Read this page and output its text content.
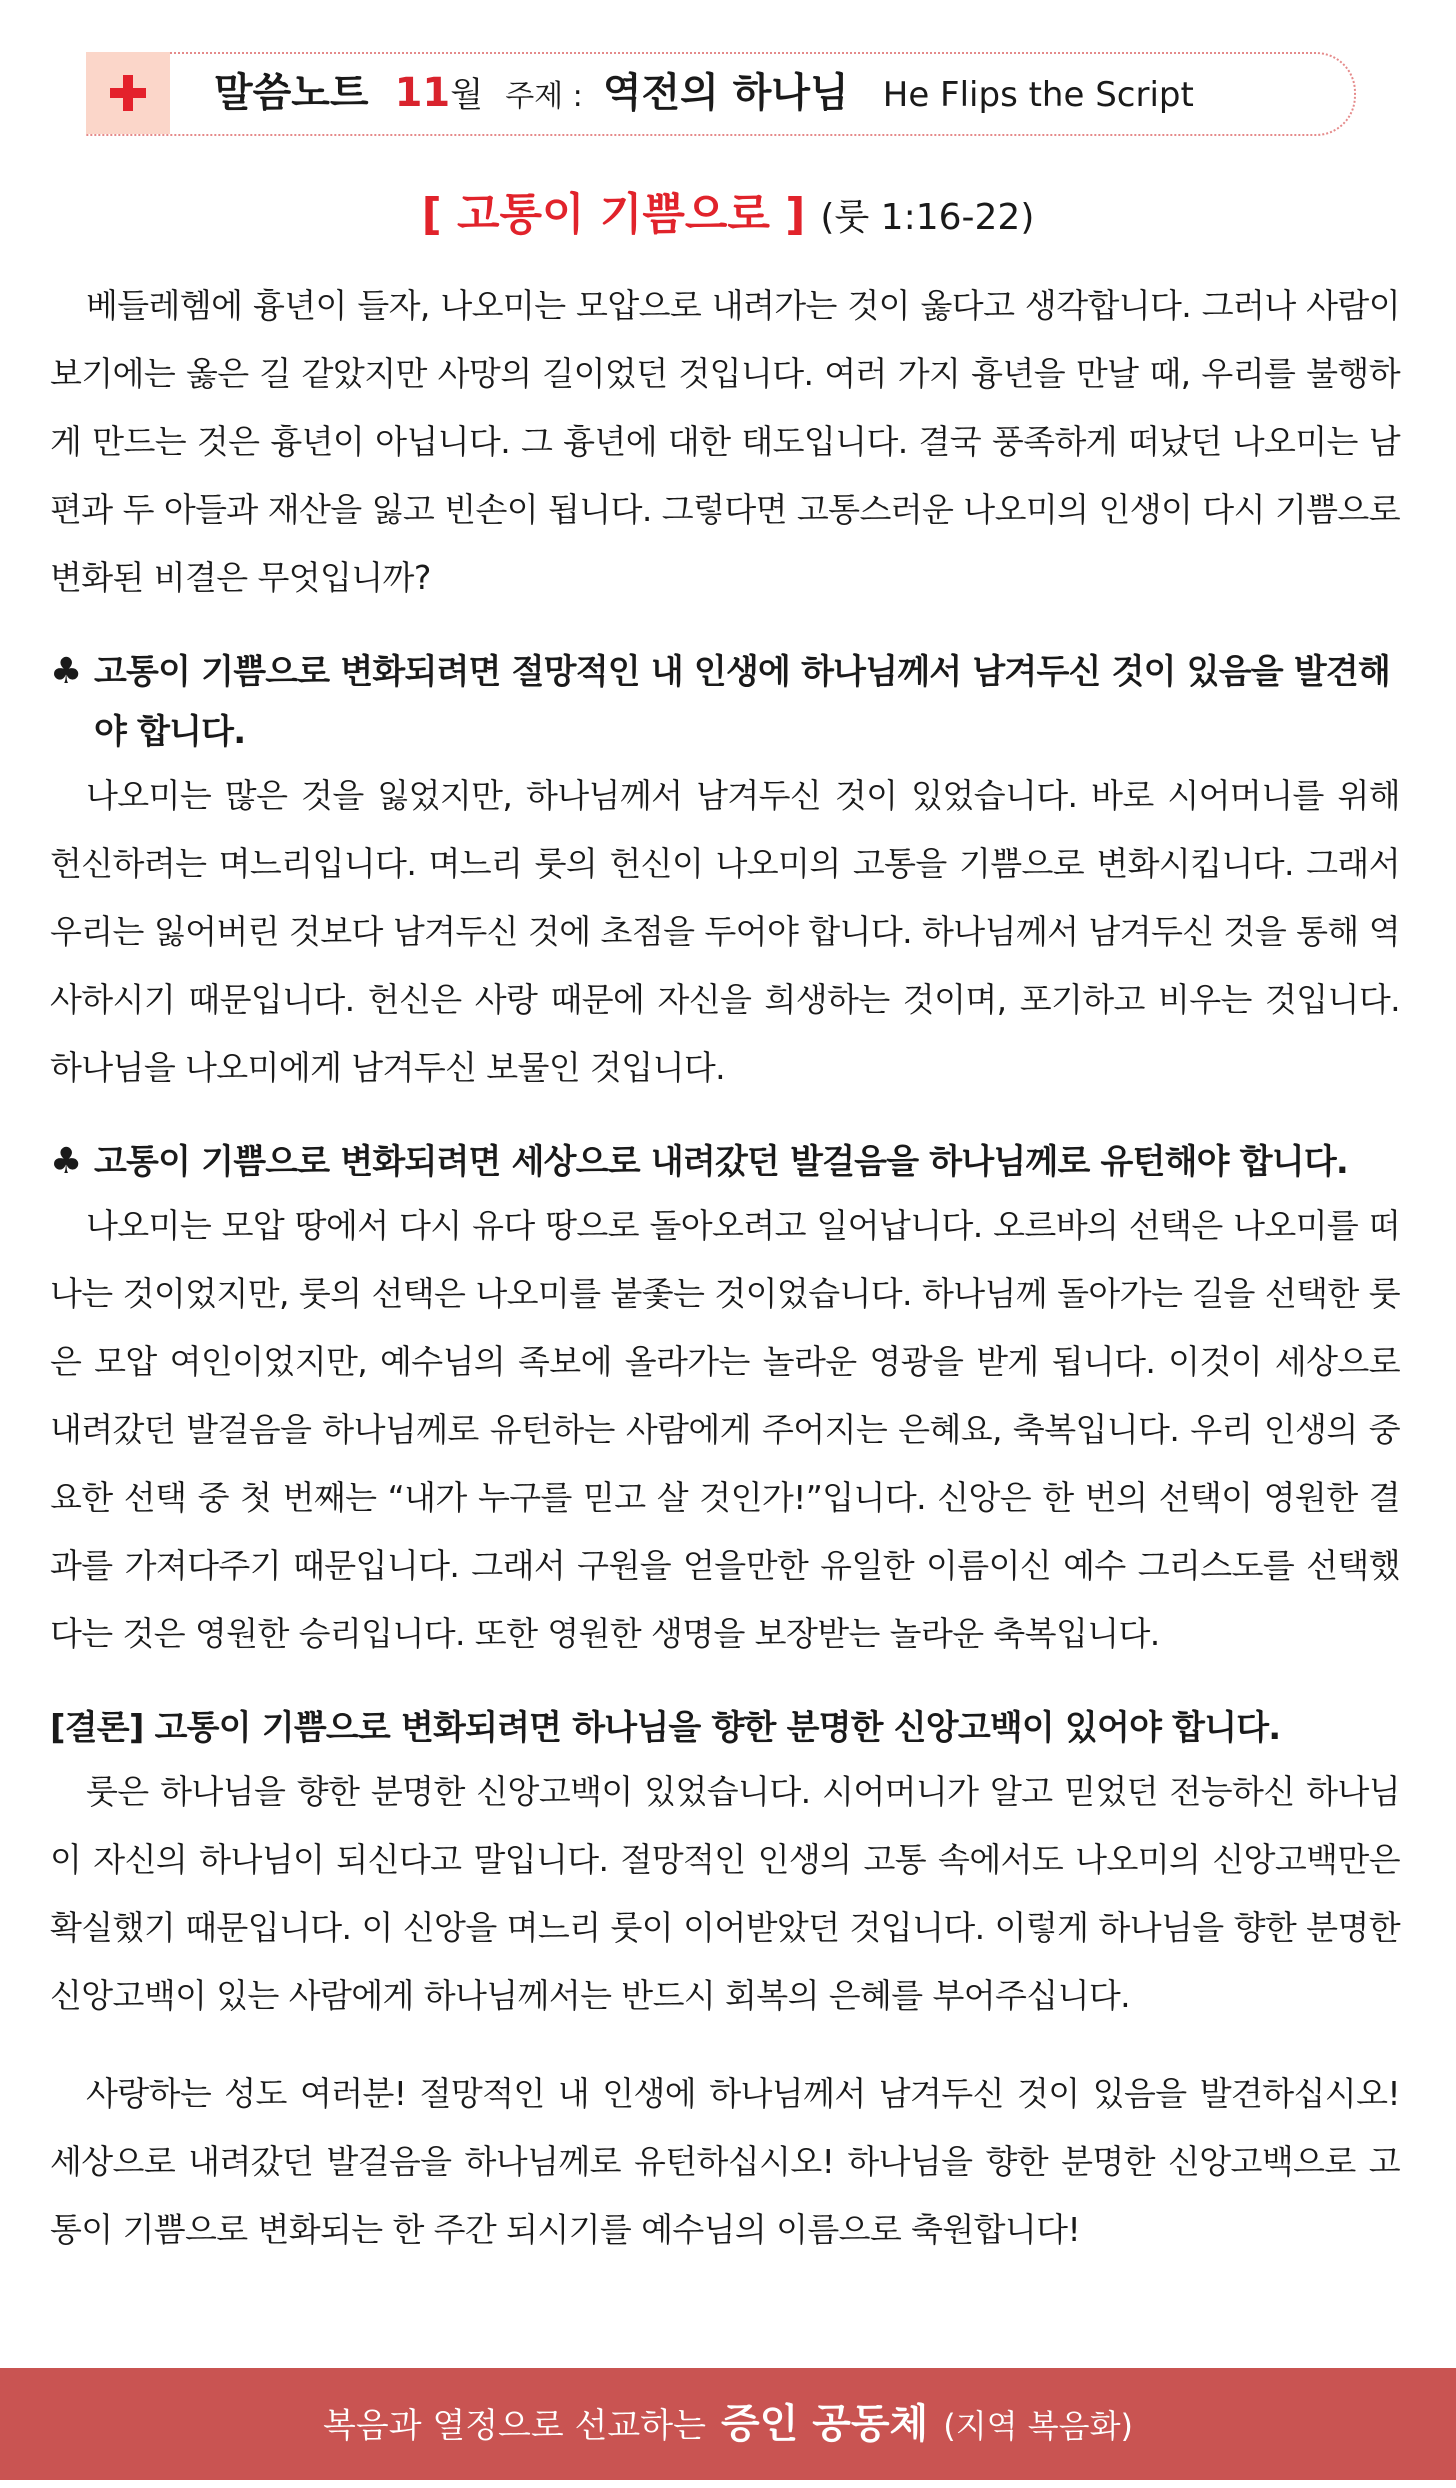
말씀노트 11월 주제 : 역전의 하나님 He Flips the Script
[ 고통이 기쁨으로 ] (룻 1:16-22)

베들레헴에 흉년이 들자, 나오미는 모압으로 내려가는 것이 옳다고 생각합니다. 그러나 사람이 보기에는 옳은 길 같았지만 사망의 길이었던 것입니다. 여러 가지 흉년을 만날 때, 우리를 불행하게 만드는 것은 흉년이 아닙니다. 그 흉년에 대한 태도입니다. 결국 풍족하게 떠났던 나오미는 남편과 두 아들과 재산을 잃고 빈손이 됩니다. 그렇다면 고통스러운 나오미의 인생이 다시 기쁨으로 변화된 비결은 무엇입니까?

♣ 고통이 기쁨으로 변화되려면 절망적인 내 인생에 하나님께서 남겨두신 것이 있음을 발견해야 합니다.

나오미는 많은 것을 잃었지만, 하나님께서 남겨두신 것이 있었습니다. 바로 시어머니를 위해 헌신하려는 며느리입니다. 며느리 룻의 헌신이 나오미의 고통을 기쁨으로 변화시킵니다. 그래서 우리는 잃어버린 것보다 남겨두신 것에 초점을 두어야 합니다. 하나님께서 남겨두신 것을 통해 역사하시기 때문입니다. 헌신은 사랑 때문에 자신을 희생하는 것이며, 포기하고 비우는 것입니다. 하나님을 나오미에게 남겨두신 보물인 것입니다.

♣ 고통이 기쁨으로 변화되려면 세상으로 내려갔던 발걸음을 하나님께로 유턴해야 합니다.

나오미는 모압 땅에서 다시 유다 땅으로 돌아오려고 일어납니다. 오르바의 선택은 나오미를 떠나는 것이었지만, 룻의 선택은 나오미를 붙좇는 것이었습니다. 하나님께 돌아가는 길을 선택한 룻은 모압 여인이었지만, 예수님의 족보에 올라가는 놀라운 영광을 받게 됩니다. 이것이 세상으로 내려갔던 발걸음을 하나님께로 유턴하는 사람에게 주어지는 은혜요, 축복입니다. 우리 인생의 중요한 선택 중 첫 번째는 “내가 누구를 믿고 살 것인가!”입니다. 신앙은 한 번의 선택이 영원한 결과를 가져다주기 때문입니다. 그래서 구원을 얻을만한 유일한 이름이신 예수 그리스도를 선택했다는 것은 영원한 승리입니다. 또한 영원한 생명을 보장받는 놀라운 축복입니다.

[결론] 고통이 기쁨으로 변화되려면 하나님을 향한 분명한 신앙고백이 있어야 합니다.

룻은 하나님을 향한 분명한 신앙고백이 있었습니다. 시어머니가 알고 믿었던 전능하신 하나님이 자신의 하나님이 되신다고 말입니다. 절망적인 인생의 고통 속에서도 나오미의 신앙고백만은 확실했기 때문입니다. 이 신앙을 며느리 룻이 이어받았던 것입니다. 이렇게 하나님을 향한 분명한 신앙고백이 있는 사람에게 하나님께서는 반드시 회복의 은혜를 부어주십니다.

사랑하는 성도 여러분! 절망적인 내 인생에 하나님께서 남겨두신 것이 있음을 발견하십시오! 세상으로 내려갔던 발걸음을 하나님께로 유턴하십시오! 하나님을 향한 분명한 신앙고백으로 고통이 기쁨으로 변화되는 한 주간 되시기를 예수님의 이름으로 축원합니다!

복음과 열정으로 선교하는 증인 공동체 (지역 복음화)
